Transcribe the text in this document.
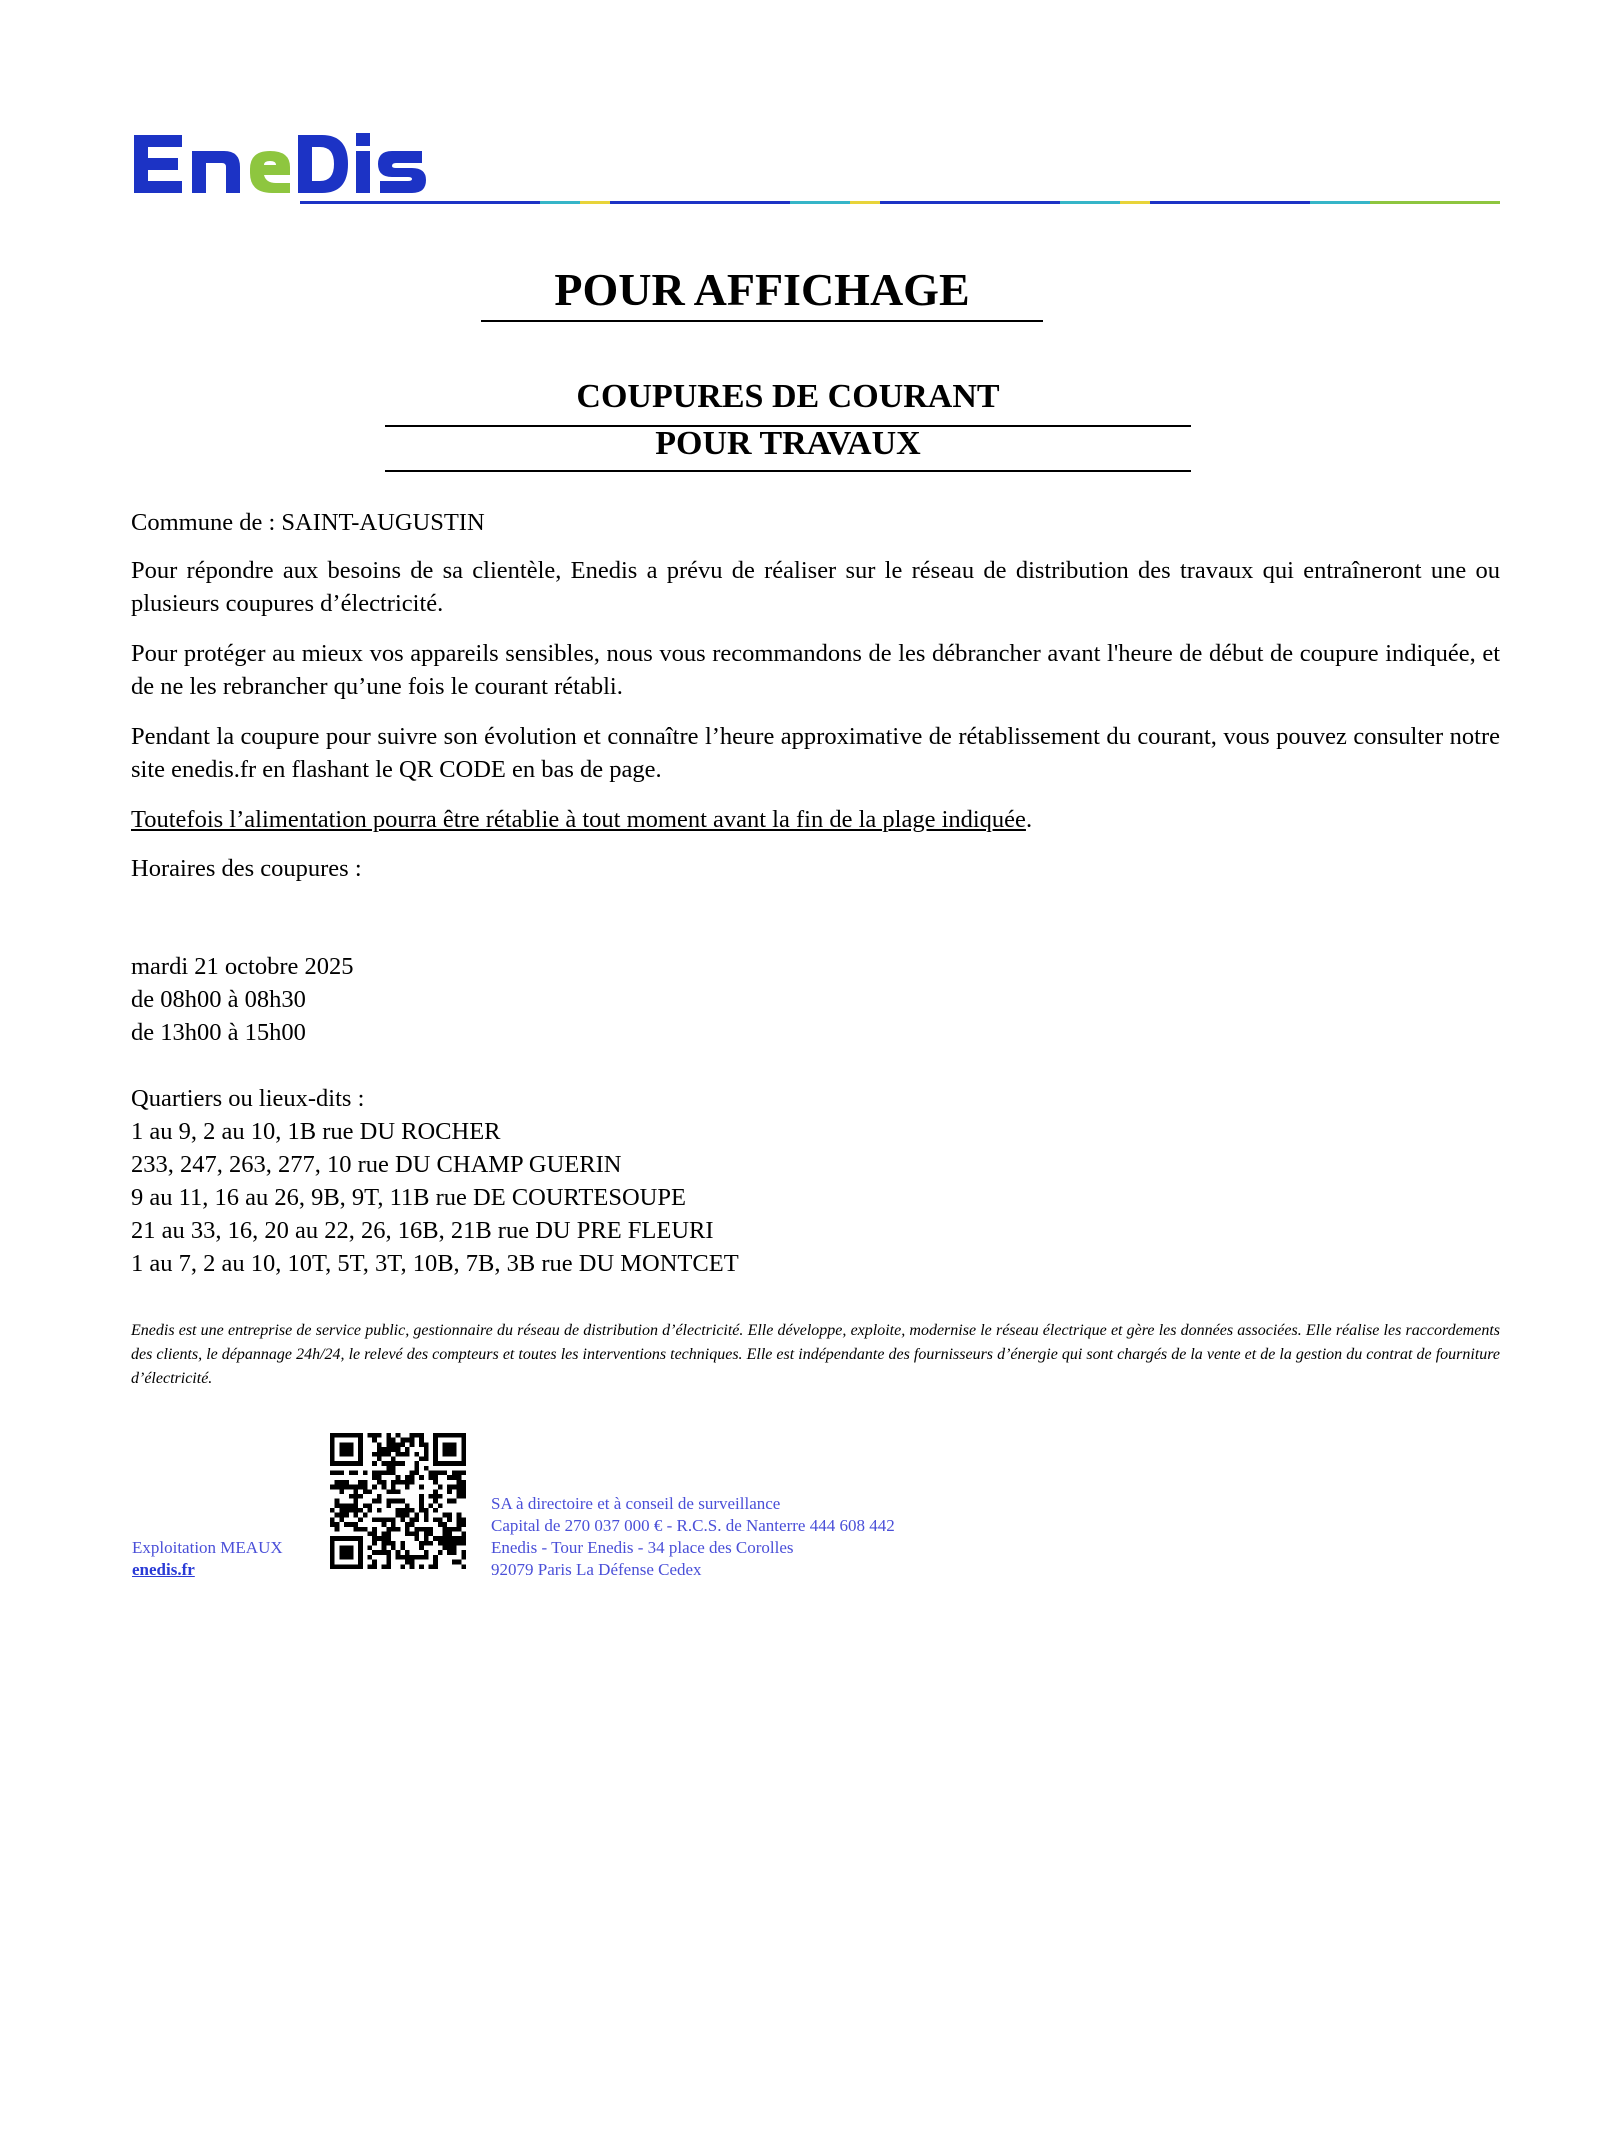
POUR AFFICHAGE
COUPURES DE COURANT
POUR TRAVAUX
Commune de : SAINT-AUGUSTIN
Pour répondre aux besoins de sa clientèle, Enedis a prévu de réaliser sur le réseau de distribution des travaux qui entraîneront une ou plusieurs coupures d’électricité.
Pour protéger au mieux vos appareils sensibles, nous vous recommandons de les débrancher avant l'heure de début de coupure indiquée, et de ne les rebrancher qu’une fois le courant rétabli.
Pendant la coupure pour suivre son évolution et connaître l’heure approximative de rétablissement du courant, vous pouvez consulter notre site enedis.fr en flashant le QR CODE en bas de page.
Toutefois l’alimentation pourra être rétablie à tout moment avant la fin de la plage indiquée.
Horaires des coupures :
mardi 21 octobre 2025
de 08h00 à 08h30
de 13h00 à 15h00
Quartiers ou lieux-dits :
1 au 9, 2 au 10, 1B rue DU ROCHER
233, 247, 263, 277, 10 rue DU CHAMP GUERIN
9 au 11, 16 au 26, 9B, 9T, 11B rue DE COURTESOUPE
21 au 33, 16, 20 au 22, 26, 16B, 21B rue DU PRE FLEURI
1 au 7, 2 au 10, 10T, 5T, 3T, 10B, 7B, 3B rue DU MONTCET
Enedis est une entreprise de service public, gestionnaire du réseau de distribution d’électricité. Elle développe, exploite, modernise le réseau électrique et gère les données associées. Elle réalise les raccordements des clients, le dépannage 24h/24, le relevé des compteurs et toutes les interventions techniques. Elle est indépendante des fournisseurs d’énergie qui sont chargés de la vente et de la gestion du contrat de fourniture d’électricité.
Exploitation MEAUX
enedis.fr
SA à directoire et à conseil de surveillance
Capital de 270 037 000 € - R.C.S. de Nanterre 444 608 442
Enedis - Tour Enedis - 34 place des Corolles
92079 Paris La Défense Cedex
